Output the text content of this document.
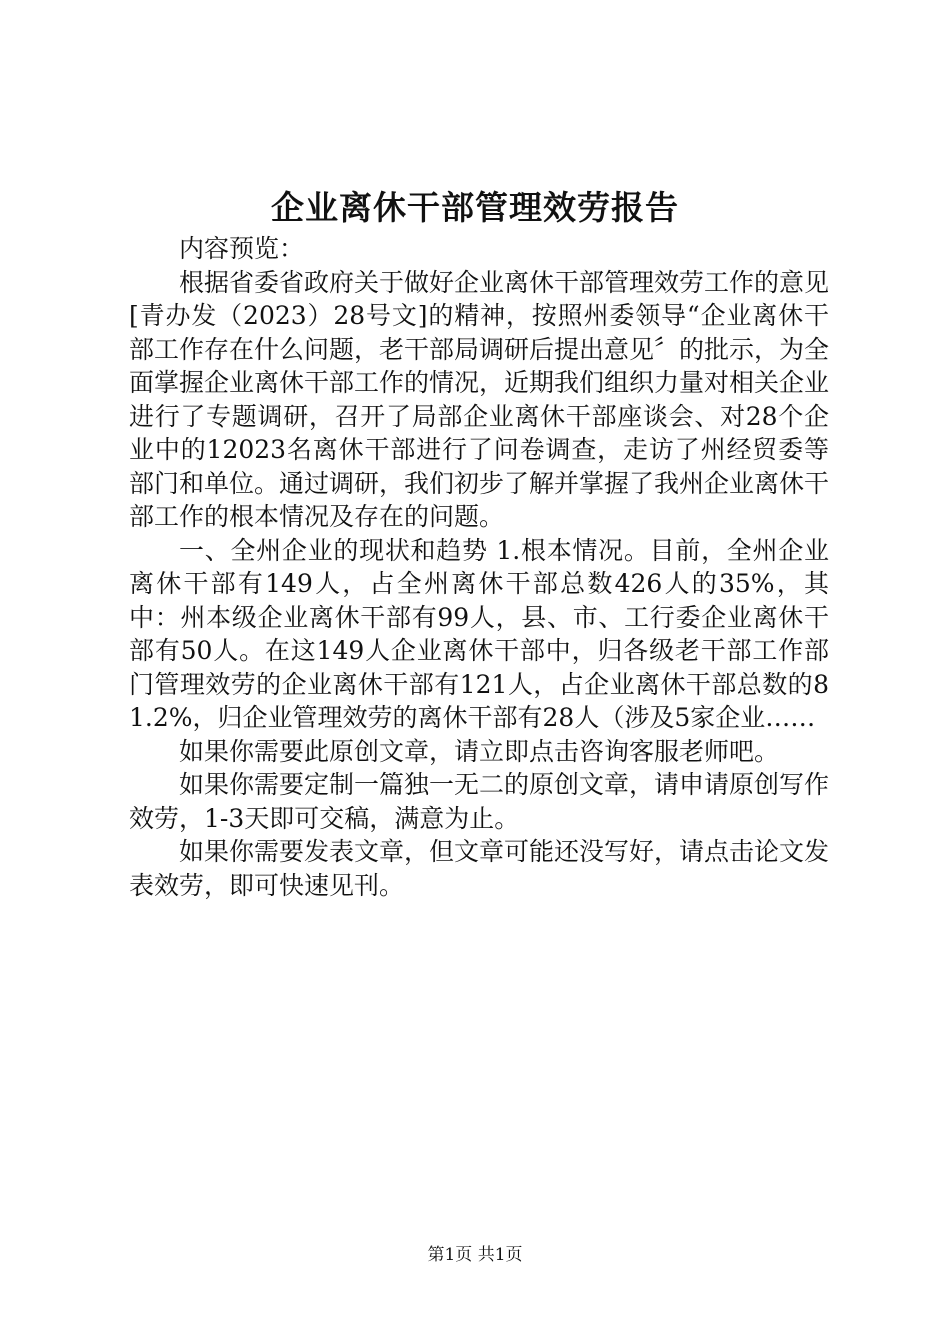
企业离休干部管理效劳报告

内容预览：

根据省委省政府关于做好企业离休干部管理效劳工作的意见[青办发（2023）28号文]的精神，按照州委领导“企业离休干部工作存在什么问题，老干部局调研后提出意见〞的批示，为全面掌握企业离休干部工作的情况，近期我们组织力量对相关企业进行了专题调研，召开了局部企业离休干部座谈会、对28个企业中的12023名离休干部进行了问卷调查，走访了州经贸委等部门和单位。通过调研，我们初步了解并掌握了我州企业离休干部工作的根本情况及存在的问题。

一、全州企业的现状和趋势 1.根本情况。目前，全州企业离休干部有149人，占全州离休干部总数426人的35%，其中：州本级企业离休干部有99人，县、市、工行委企业离休干部有50人。在这149人企业离休干部中，归各级老干部工作部门管理效劳的企业离休干部有121人，占企业离休干部总数的81.2%，归企业管理效劳的离休干部有28人（涉及5家企业……

如果你需要此原创文章，请立即点击咨询客服老师吧。

如果你需要定制一篇独一无二的原创文章，请申请原创写作效劳，1-3天即可交稿，满意为止。

如果你需要发表文章，但文章可能还没写好，请点击论文发表效劳，即可快速见刊。

第1页 共1页
